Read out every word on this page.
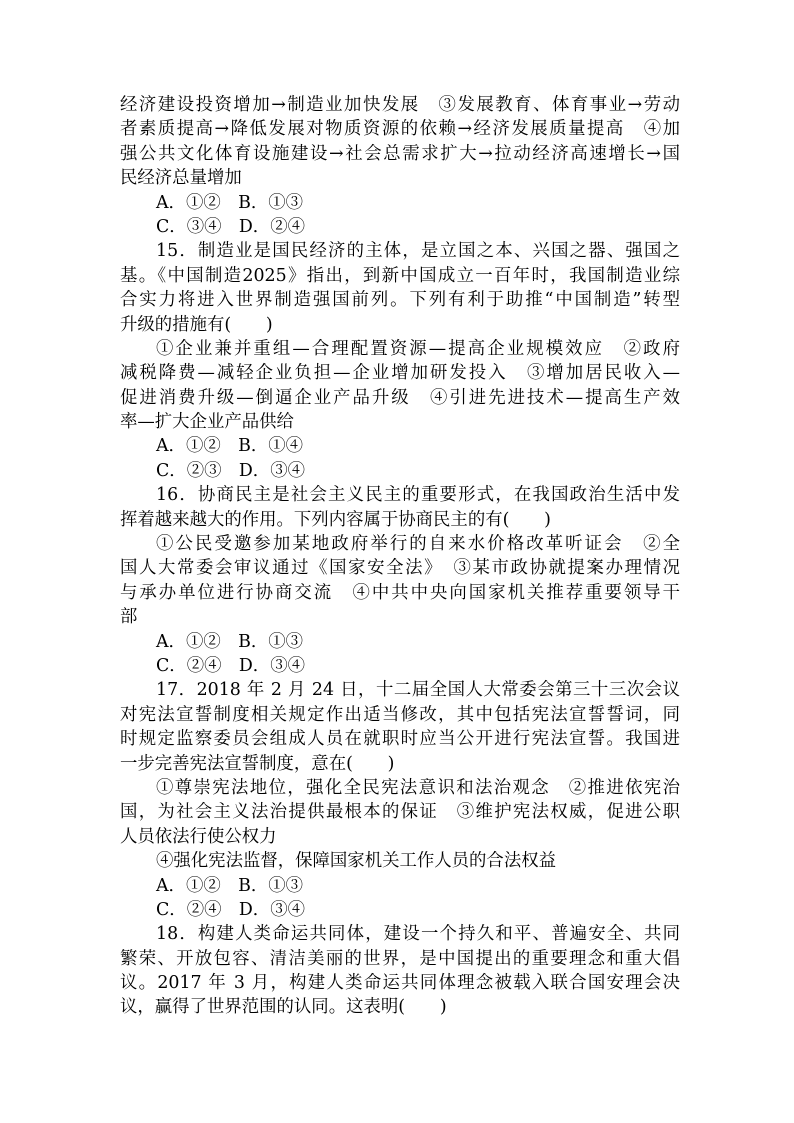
经济建设投资增加→制造业加快发展　③发展教育、体育事业→劳动
者素质提高→降低发展对物质资源的依赖→经济发展质量提高　④加
强公共文化体育设施建设→社会总需求扩大→拉动经济高速增长→国
民经济总量增加
A．①②　B．①③
C．③④　D．②④
15．制造业是国民经济的主体，是立国之本、兴国之器、强国之
基。《中国制造2025》指出，到新中国成立一百年时，我国制造业综
合实力将进入世界制造强国前列。下列有利于助推“中国制造”转型
升级的措施有(　　)
①企业兼并重组—合理配置资源—提高企业规模效应　②政府
减税降费—减轻企业负担—企业增加研发投入　③增加居民收入—
促进消费升级—倒逼企业产品升级　④引进先进技术—提高生产效
率—扩大企业产品供给
A．①②　B．①④
C．②③　D．③④
16．协商民主是社会主义民主的重要形式，在我国政治生活中发
挥着越来越大的作用。下列内容属于协商民主的有(　　)
①公民受邀参加某地政府举行的自来水价格改革听证会　②全
国人大常委会审议通过《国家安全法》　③某市政协就提案办理情况
与承办单位进行协商交流　④中共中央向国家机关推荐重要领导干
部
A．①②　B．①③
C．②④　D．③④
17．2018 年 2 月 24 日，十二届全国人大常委会第三十三次会议
对宪法宣誓制度相关规定作出适当修改，其中包括宪法宣誓誓词，同
时规定监察委员会组成人员在就职时应当公开进行宪法宣誓。我国进
一步完善宪法宣誓制度，意在(　　)
①尊崇宪法地位，强化全民宪法意识和法治观念　②推进依宪治
国，为社会主义法治提供最根本的保证　③维护宪法权威，促进公职
人员依法行使公权力
④强化宪法监督，保障国家机关工作人员的合法权益
A．①②　B．①③
C．②④　D．③④
18．构建人类命运共同体，建设一个持久和平、普遍安全、共同
繁荣、开放包容、清洁美丽的世界，是中国提出的重要理念和重大倡
议。2017 年 3 月，构建人类命运共同体理念被载入联合国安理会决
议，赢得了世界范围的认同。这表明(　　)
